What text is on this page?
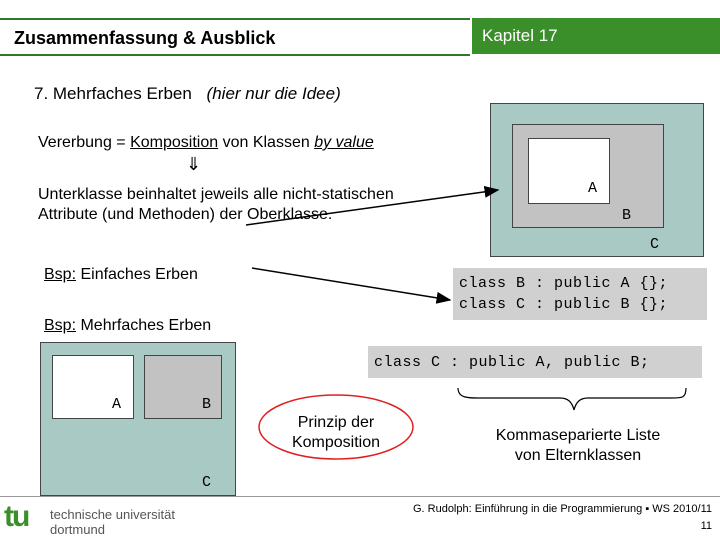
Zusammenfassung & Ausblick	Kapitel 17
7. Mehrfaches Erben (hier nur die Idee)
Vererbung = Komposition von Klassen by value
⇓
Unterklasse beinhaltet jeweils alle nicht-statischen
Attribute (und Methoden) der Oberklasse.
A
B
C
Bsp: Einfaches Erben
class B : public A {};
class C : public B {};
Bsp: Mehrfaches Erben
class C : public A, public B;
A	B
C
Prinzip der
Komposition	Kommaseparierte Liste
von Elternklassen
tu technische universität
dortmund
G. Rudolph: Einführung in die Programmierung ▪ WS 2010/11
11
